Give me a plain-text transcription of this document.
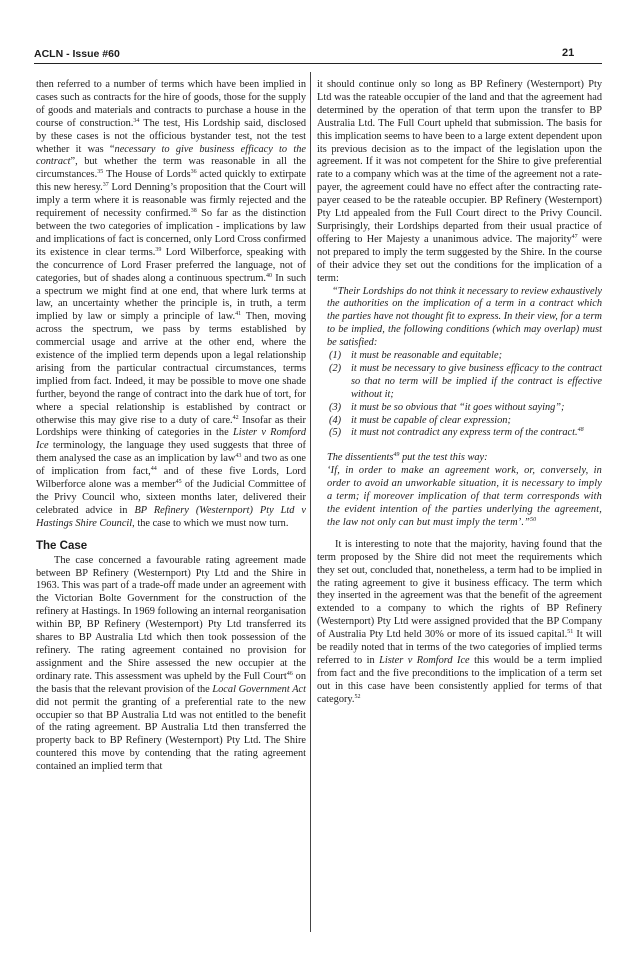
ACLN - Issue #60	21

then referred to a number of terms which have been implied in cases such as contracts for the hire of goods, those for the supply of goods and materials and contracts to purchase a house in the course of construction.$^{34}$ The test, His Lordship said, disclosed by these cases is not the officious bystander test, not the test whether it was “necessary to give business efficacy to the contract”, but whether the term was reasonable in all the circumstances.$^{35}$ The House of Lords$^{36}$ acted quickly to extirpate this new heresy.$^{37}$ Lord Denning’s proposition that the Court will imply a term where it is reasonable was firmly rejected and the requirement of necessity confirmed.$^{38}$ So far as the distinction between the two categories of implication - implications by law and implications of fact is concerned, only Lord Cross confirmed its existence in clear terms.$^{39}$ Lord Wilberforce, speaking with the concurrence of Lord Fraser preferred the language, not of categories, but of shades along a continuous spectrum.$^{40}$ In such a spectrum we might find at one end, that where lurk terms at law, an uncertainty whether the principle is, in truth, a term implied by law or simply a principle of law.$^{41}$ Then, moving across the spectrum, we pass by terms established by commercial usage and arrive at the other end, where the existence of the implied term depends upon a legal relationship arising from the particular contractual circumstances, terms implied from fact. Indeed, it may be possible to move one shade further, beyond the range of contract into the dark hue of tort, for where a special relationship is established by contract or otherwise this may give rise to a duty of care.$^{42}$ Insofar as their Lordships were thinking of categories in the Lister v Romford Ice terminology, the language they used suggests that three of them analysed the case as an implication by law$^{43}$ and two as one of implication from fact,$^{44}$ and of these five Lords, Lord Wilberforce alone was a member$^{45}$ of the Judicial Committee of the Privy Council who, sixteen months later, delivered their celebrated advice in BP Refinery (Westernport) Pty Ltd v Hastings Shire Council, the case to which we must now turn.

The Case

The case concerned a favourable rating agreement made between BP Refinery (Westernport) Pty Ltd and the Shire in 1963. This was part of a trade-off made under an agreement with the Victorian Bolte Government for the construction of the refinery at Hastings. In 1969 following an internal reorganisation within BP, BP Refinery (Westernport) Pty Ltd transferred its shares to BP Australia Ltd which then took possession of the refinery. The rating agreement contained no provision for assignment and the Shire assessed the new occupier at the ordinary rate. This assessment was upheld by the Full Court$^{46}$ on the basis that the relevant provision of the Local Government Act did not permit the granting of a preferential rate to the new occupier so that BP Australia Ltd was not entitled to the benefit of the rating agreement. BP Australia Ltd then transferred the property back to BP Refinery (Westernport) Pty Ltd. The Shire countered this move by contending that the rating agreement contained an implied term that

it should continue only so long as BP Refinery (Westernport) Pty Ltd was the rateable occupier of the land and that the agreement had determined by the operation of that term upon the transfer to BP Australia Ltd. The Full Court upheld that submission. The basis for this implication seems to have been to a large extent dependent upon its previous decision as to the impact of the legislation upon the agreement. If it was not competent for the Shire to give preferential rate to a company which was at the time of the agreement not a rate-payer, the agreement could have no effect after the contracting rate-payer ceased to be the rateable occupier. BP Refinery (Westernport) Pty Ltd appealed from the Full Court direct to the Privy Council. Surprisingly, their Lordships departed from their usual practice of offering to Her Majesty a unanimous advice. The majority$^{47}$ were not prepared to imply the term suggested by the Shire. In the course of their advice they set out the conditions for the implication of a term:

“Their Lordships do not think it necessary to review exhaustively the authorities on the implication of a term in a contract which the parties have not thought fit to express. In their view, for a term to be implied, the following conditions (which may overlap) must be satisfied:

(1) it must be reasonable and equitable;
(2) it must be necessary to give business efficacy to the contract so that no term will be implied if the contract is effective without it;
(3) it must be so obvious that “it goes without saying”;
(4) it must be capable of clear expression;
(5) it must not contradict any express term of the contract.$^{48}$

The dissentients$^{49}$ put the test this way:

‘If, in order to make an agreement work, or, conversely, in order to avoid an unworkable situation, it is necessary to imply a term; if moreover implication of that term corresponds with the evident intention of the parties underlying the agreement, the law not only can but must imply the term’.”$^{50}$

It is interesting to note that the majority, having found that the term proposed by the Shire did not meet the requirements which they set out, concluded that, nonetheless, a term had to be implied in the rating agreement to give it business efficacy. The term which they inserted in the agreement was that the benefit of the agreement extended to a company to which the rights of BP Refinery (Westernport) Pty Ltd were assigned provided that the BP Company of Australia Pty Ltd held 30% or more of its issued capital.$^{51}$ It will be readily noted that in terms of the two categories of implied terms referred to in Lister v Romford Ice this would be a term implied from fact and the five preconditions to the implication of a term set out in this case have been consistently applied for terms of that category.$^{52}$
